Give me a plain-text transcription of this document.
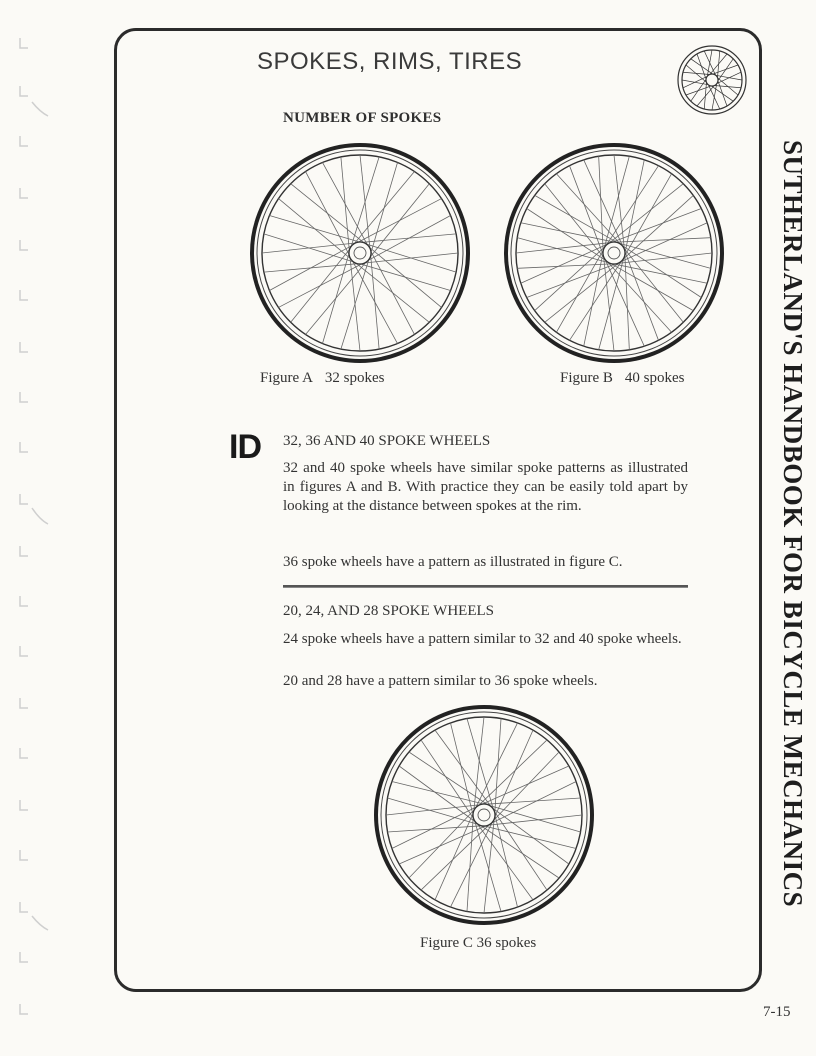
SPOKES, RIMS, TIRES
NUMBER OF SPOKES
Figure A 32 spokes	Figure B 40 spokes
ID 32, 36 AND 40 SPOKE WHEELS

32 and 40 spoke wheels have similar spoke patterns as illustrated in figures A and B. With practice they can be easily told apart by looking at the distance between spokes at the rim.

36 spoke wheels have a pattern as illustrated in figure C.

20, 24, AND 28 SPOKE WHEELS

24 spoke wheels have a pattern similar to 32 and 40 spoke wheels.

20 and 28 have a pattern similar to 36 spoke wheels.

Figure C 36 spokes
SUTHERLAND'S HANDBOOK FOR BICYCLE MECHANICS
7-15
